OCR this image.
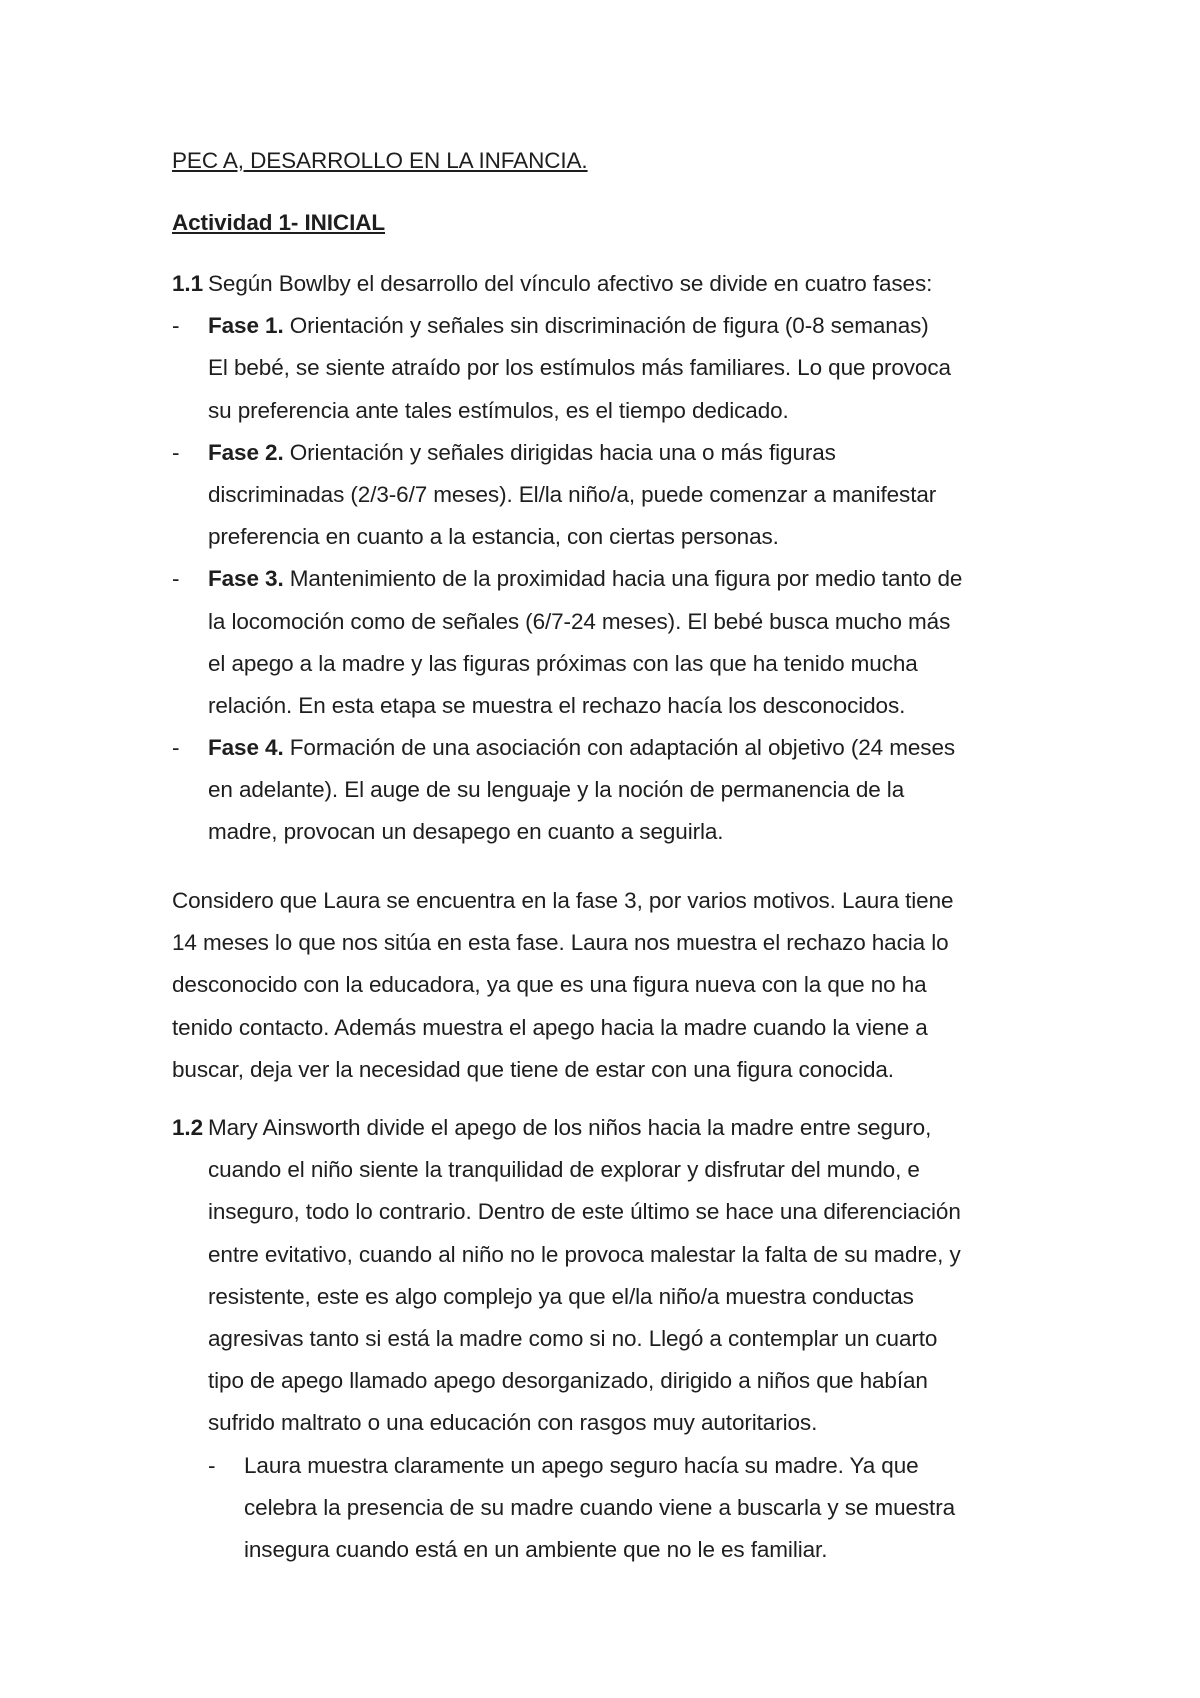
PEC A, DESARROLLO EN LA INFANCIA.
Actividad 1- INICIAL
1.1 Según Bowlby el desarrollo del vínculo afectivo se divide en cuatro fases:
- Fase 1. Orientación y señales sin discriminación de figura (0-8 semanas)
El bebé, se siente atraído por los estímulos más familiares. Lo que provoca
su preferencia ante tales estímulos, es el tiempo dedicado.
- Fase 2. Orientación y señales dirigidas hacia una o más figuras
discriminadas (2/3-6/7 meses). El/la niño/a, puede comenzar a manifestar
preferencia en cuanto a la estancia, con ciertas personas.
- Fase 3. Mantenimiento de la proximidad hacia una figura por medio tanto de
la locomoción como de señales (6/7-24 meses). El bebé busca mucho más
el apego a la madre y las figuras próximas con las que ha tenido mucha
relación. En esta etapa se muestra el rechazo hacía los desconocidos.
- Fase 4. Formación de una asociación con adaptación al objetivo (24 meses
en adelante). El auge de su lenguaje y la noción de permanencia de la
madre, provocan un desapego en cuanto a seguirla.
Considero que Laura se encuentra en la fase 3, por varios motivos. Laura tiene
14 meses lo que nos sitúa en esta fase. Laura nos muestra el rechazo hacia lo
desconocido con la educadora, ya que es una figura nueva con la que no ha
tenido contacto. Además muestra el apego hacia la madre cuando la viene a
buscar, deja ver la necesidad que tiene de estar con una figura conocida.
1.2 Mary Ainsworth divide el apego de los niños hacia la madre entre seguro,
cuando el niño siente la tranquilidad de explorar y disfrutar del mundo, e
inseguro, todo lo contrario. Dentro de este último se hace una diferenciación
entre evitativo, cuando al niño no le provoca malestar la falta de su madre, y
resistente, este es algo complejo ya que el/la niño/a muestra conductas
agresivas tanto si está la madre como si no. Llegó a contemplar un cuarto
tipo de apego llamado apego desorganizado, dirigido a niños que habían
sufrido maltrato o una educación con rasgos muy autoritarios.
- Laura muestra claramente un apego seguro hacía su madre. Ya que
celebra la presencia de su madre cuando viene a buscarla y se muestra
insegura cuando está en un ambiente que no le es familiar.
